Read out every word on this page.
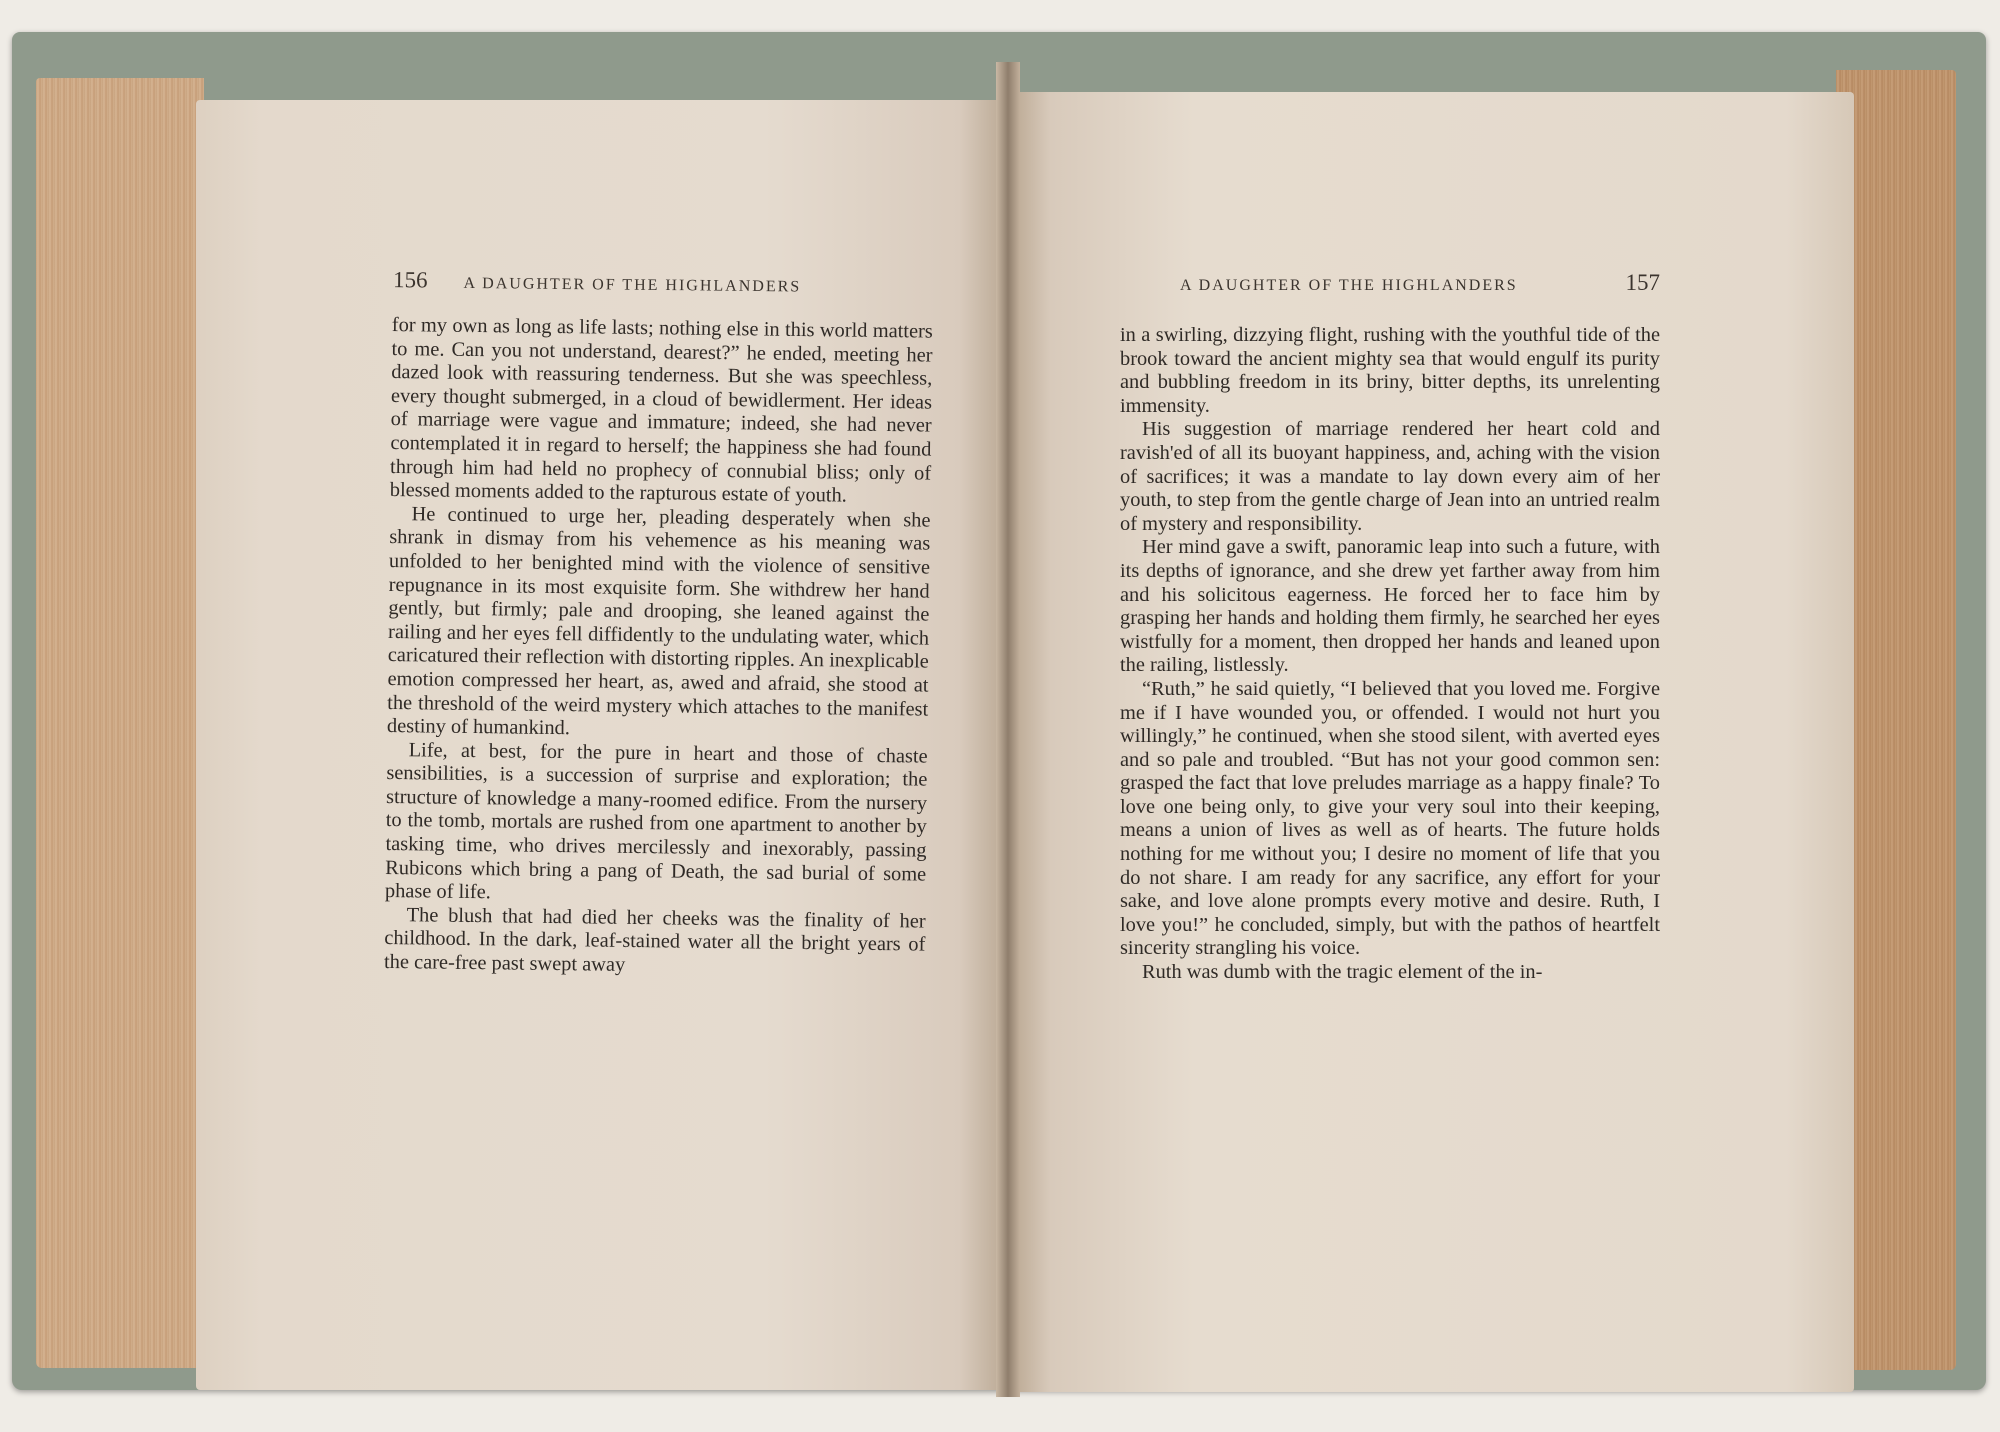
156 A DAUGHTER OF THE HIGHLANDERS	A DAUGHTER OF THE HIGHLANDERS	157

for my own as long as life lasts; nothing else in this world matters to me. Can you not understand, dearest?” he ended, meeting her dazed look with reassuring tenderness. But she was speechless, every thought submerged, in a cloud of bewidlerment. Her ideas of marriage were vague and immature; indeed, she had never contemplated it in regard to herself; the happiness she had found through him had held no prophecy of connubial bliss; only of blessed moments added to the rapturous estate of youth.

He continued to urge her, pleading desperately when she shrank in dismay from his vehemence as his meaning was unfolded to her benighted mind with the violence of sensitive repugnance in its most exquisite form. She withdrew her hand gently, but firmly; pale and drooping, she leaned against the railing and her eyes fell diffidently to the undulating water, which caricatured their reflection with distorting ripples. An inexplicable emotion compressed her heart, as, awed and afraid, she stood at the threshold of the weird mystery which attaches to the manifest destiny of humankind.

Life, at best, for the pure in heart and those of chaste sensibilities, is a succession of surprise and exploration; the structure of knowledge a many-roomed edifice. From the nursery to the tomb, mortals are rushed from one apartment to another by tasking time, who drives mercilessly and inexorably, passing Rubicons which bring a pang of Death, the sad burial of some phase of life.

The blush that had died her cheeks was the finality of her childhood. In the dark, leaf-stained water all the bright years of the care-free past swept away

in a swirling, dizzying flight, rushing with the youthful tide of the brook toward the ancient mighty sea that would engulf its purity and bubbling freedom in its briny, bitter depths, its unrelenting immensity.

His suggestion of marriage rendered her heart cold and ravish'ed of all its buoyant happiness, and, aching with the vision of sacrifices; it was a mandate to lay down every aim of her youth, to step from the gentle charge of Jean into an untried realm of mystery and responsibility.

Her mind gave a swift, panoramic leap into such a future, with its depths of ignorance, and she drew yet farther away from him and his solicitous eagerness. He forced her to face him by grasping her hands and holding them firmly, he searched her eyes wistfully for a moment, then dropped her hands and leaned upon the railing, listlessly.

“Ruth,” he said quietly, “I believed that you loved me. Forgive me if I have wounded you, or offended. I would not hurt you willingly,” he continued, when she stood silent, with averted eyes and so pale and troubled. “But has not your good common sen: grasped the fact that love preludes marriage as a happy finale? To love one being only, to give your very soul into their keeping, means a union of lives as well as of hearts. The future holds nothing for me without you; I desire no moment of life that you do not share. I am ready for any sacrifice, any effort for your sake, and love alone prompts every motive and desire. Ruth, I love you!” he concluded, simply, but with the pathos of heartfelt sincerity strangling his voice.

Ruth was dumb with the tragic element of the in-
